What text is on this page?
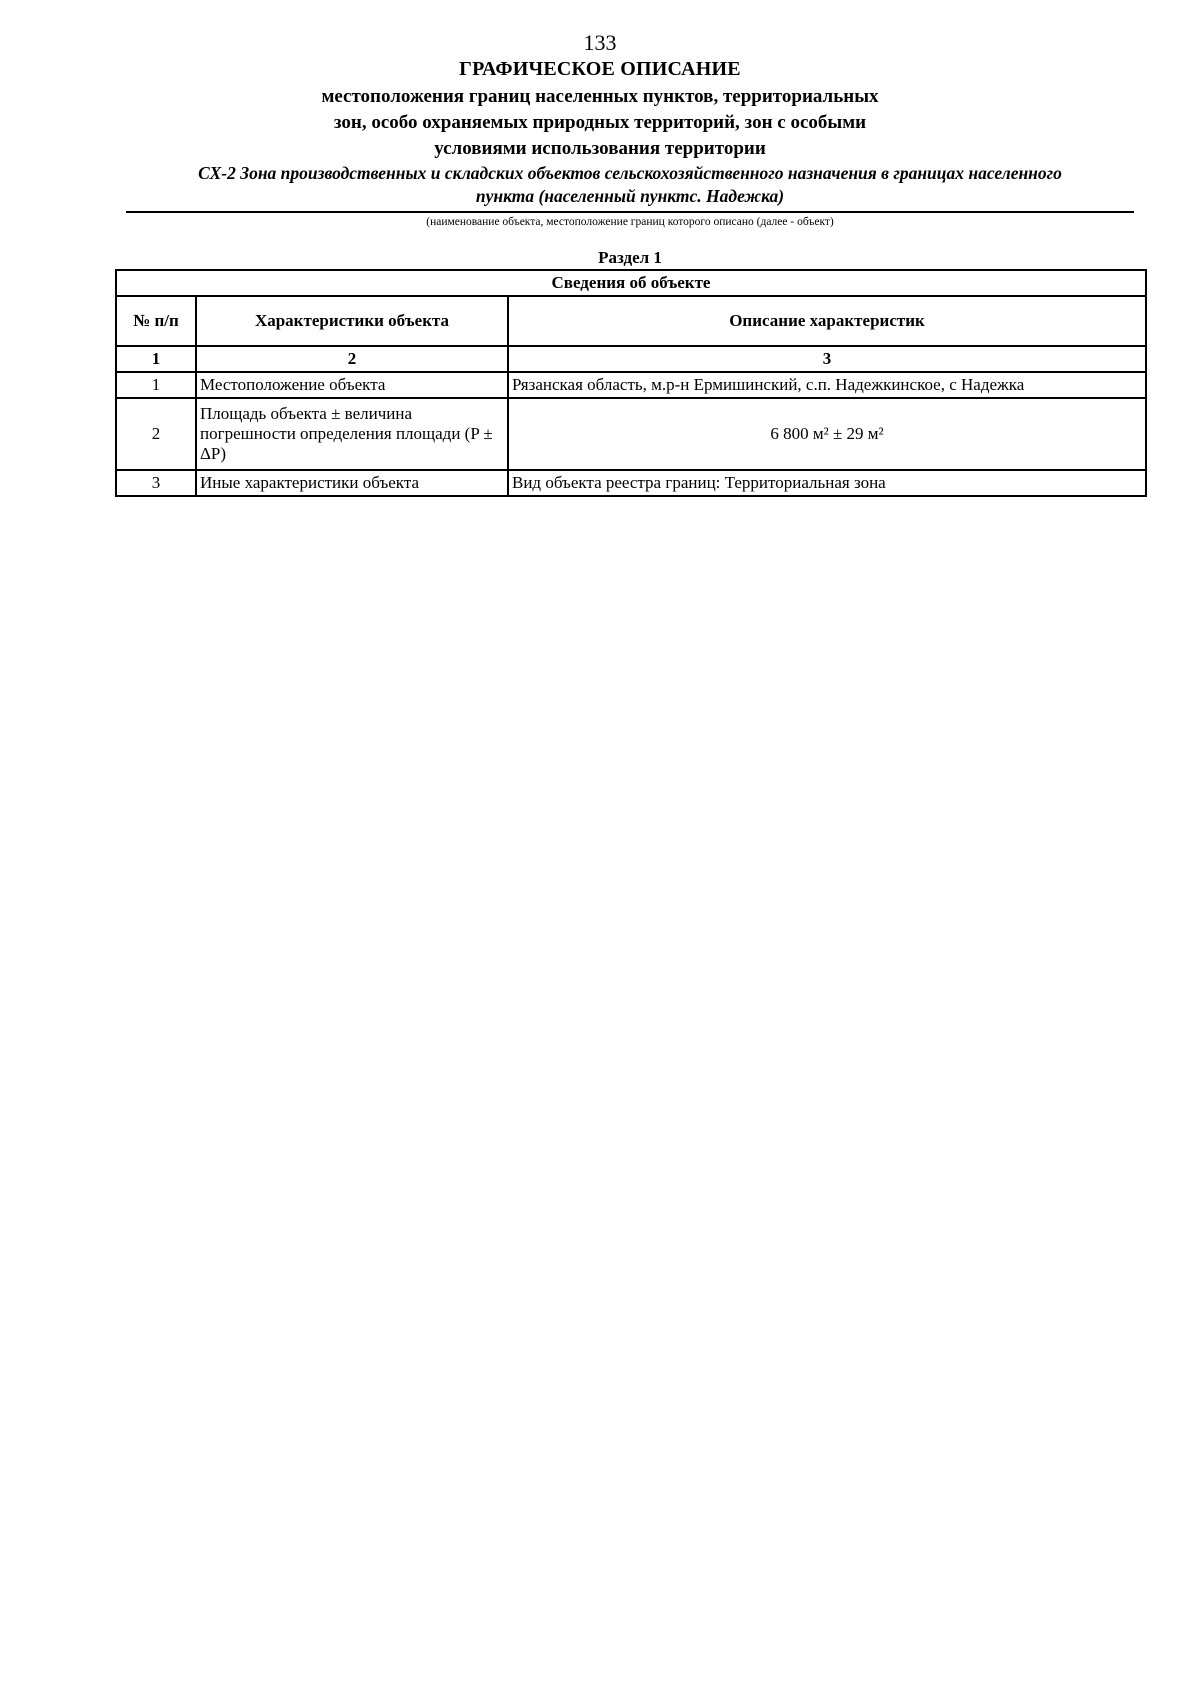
133
ГРАФИЧЕСКОЕ ОПИСАНИЕ
местоположения границ населенных пунктов, территориальных
зон, особо охраняемых природных территорий, зон с особыми
условиями использования территории
СХ-2 Зона производственных и складских объектов сельскохозяйственного назначения в границах населенного
пункта (населенный пунктс. Надежка)
(наименование объекта, местоположение границ которого описано (далее - объект)
Раздел 1
Сведения об объекте		
№ п/п	Характеристики объекта	Описание характеристик
1	2	3
1	Местоположение объекта	Рязанская область, м.р-н Ермишинский, с.п. Надежкинское, с Надежка
2	Площадь объекта ± величина погрешности определения площади (P ± ΔP)	6 800 м² ± 29 м²
3	Иные характеристики объекта	Вид объекта реестра границ: Территориальная зона
